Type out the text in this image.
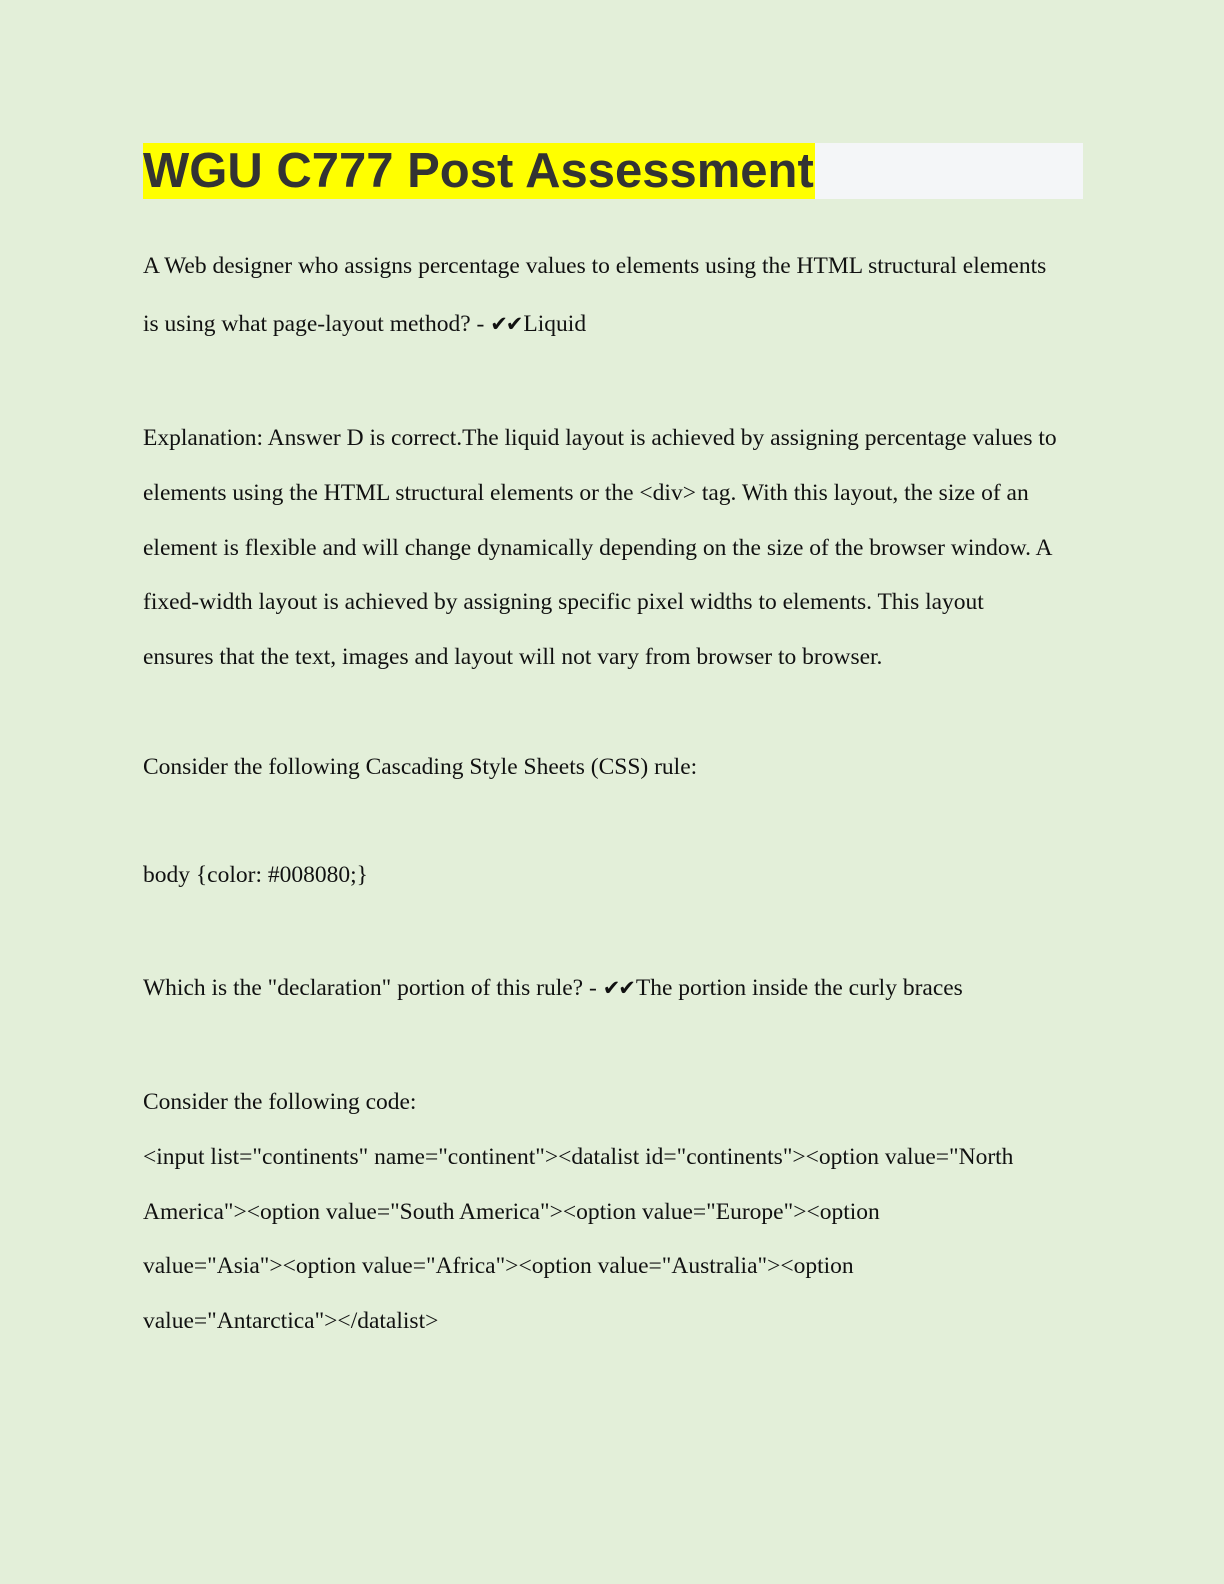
WGU C777 Post Assessment
A Web designer who assigns percentage values to elements using the HTML structural elements
is using what page-layout method? - ✔✔Liquid
Explanation: Answer D is correct.The liquid layout is achieved by assigning percentage values to
elements using the HTML structural elements or the <div> tag. With this layout, the size of an
element is flexible and will change dynamically depending on the size of the browser window. A
fixed-width layout is achieved by assigning specific pixel widths to elements. This layout
ensures that the text, images and layout will not vary from browser to browser.
Consider the following Cascading Style Sheets (CSS) rule:
body {color: #008080;}
Which is the "declaration" portion of this rule? - ✔✔The portion inside the curly braces
Consider the following code:
<input list="continents" name="continent"><datalist id="continents"><option value="North
America"><option value="South America"><option value="Europe"><option
value="Asia"><option value="Africa"><option value="Australia"><option
value="Antarctica"></datalist>
